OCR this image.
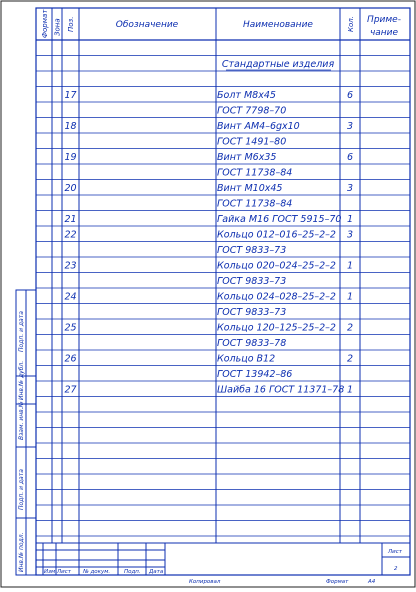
Формат Зона Поз.	Обозначение	Наименование	Кол. Приме-
чание
Стандартные изделия
17	Болт М8х45	6
ГОСТ 7798–70
18	Винт АМ4–6gх10	3
ГОСТ 1491–80
19	Винт М6х35	6
ГОСТ 11738–84
20	Винт М10х45	3
ГОСТ 11738–84
21	Гайка М16 ГОСТ 5915–70 1
22	Кольцо 012–016–25–2–2 3
ГОСТ 9833–73
23	Кольцо 020–024–25–2–2 1
ГОСТ 9833–73
24	Кольцо 024–028–25–2–2 1
ГОСТ 9833–73
25	Кольцо 120–125–25–2–2 2
ГОСТ 9833–78
26	Кольцо В12	2
ГОСТ 13942–86
27	Шайба 16 ГОСТ 11371–78 1
Подп. и дата
Инв.№ дубл.
Взам. инв.№
Подп. и дата
Инв.№ подл.	Изм Лист № докум.	Подп. Дата
Лист
2
Копировал	Формат	А4
